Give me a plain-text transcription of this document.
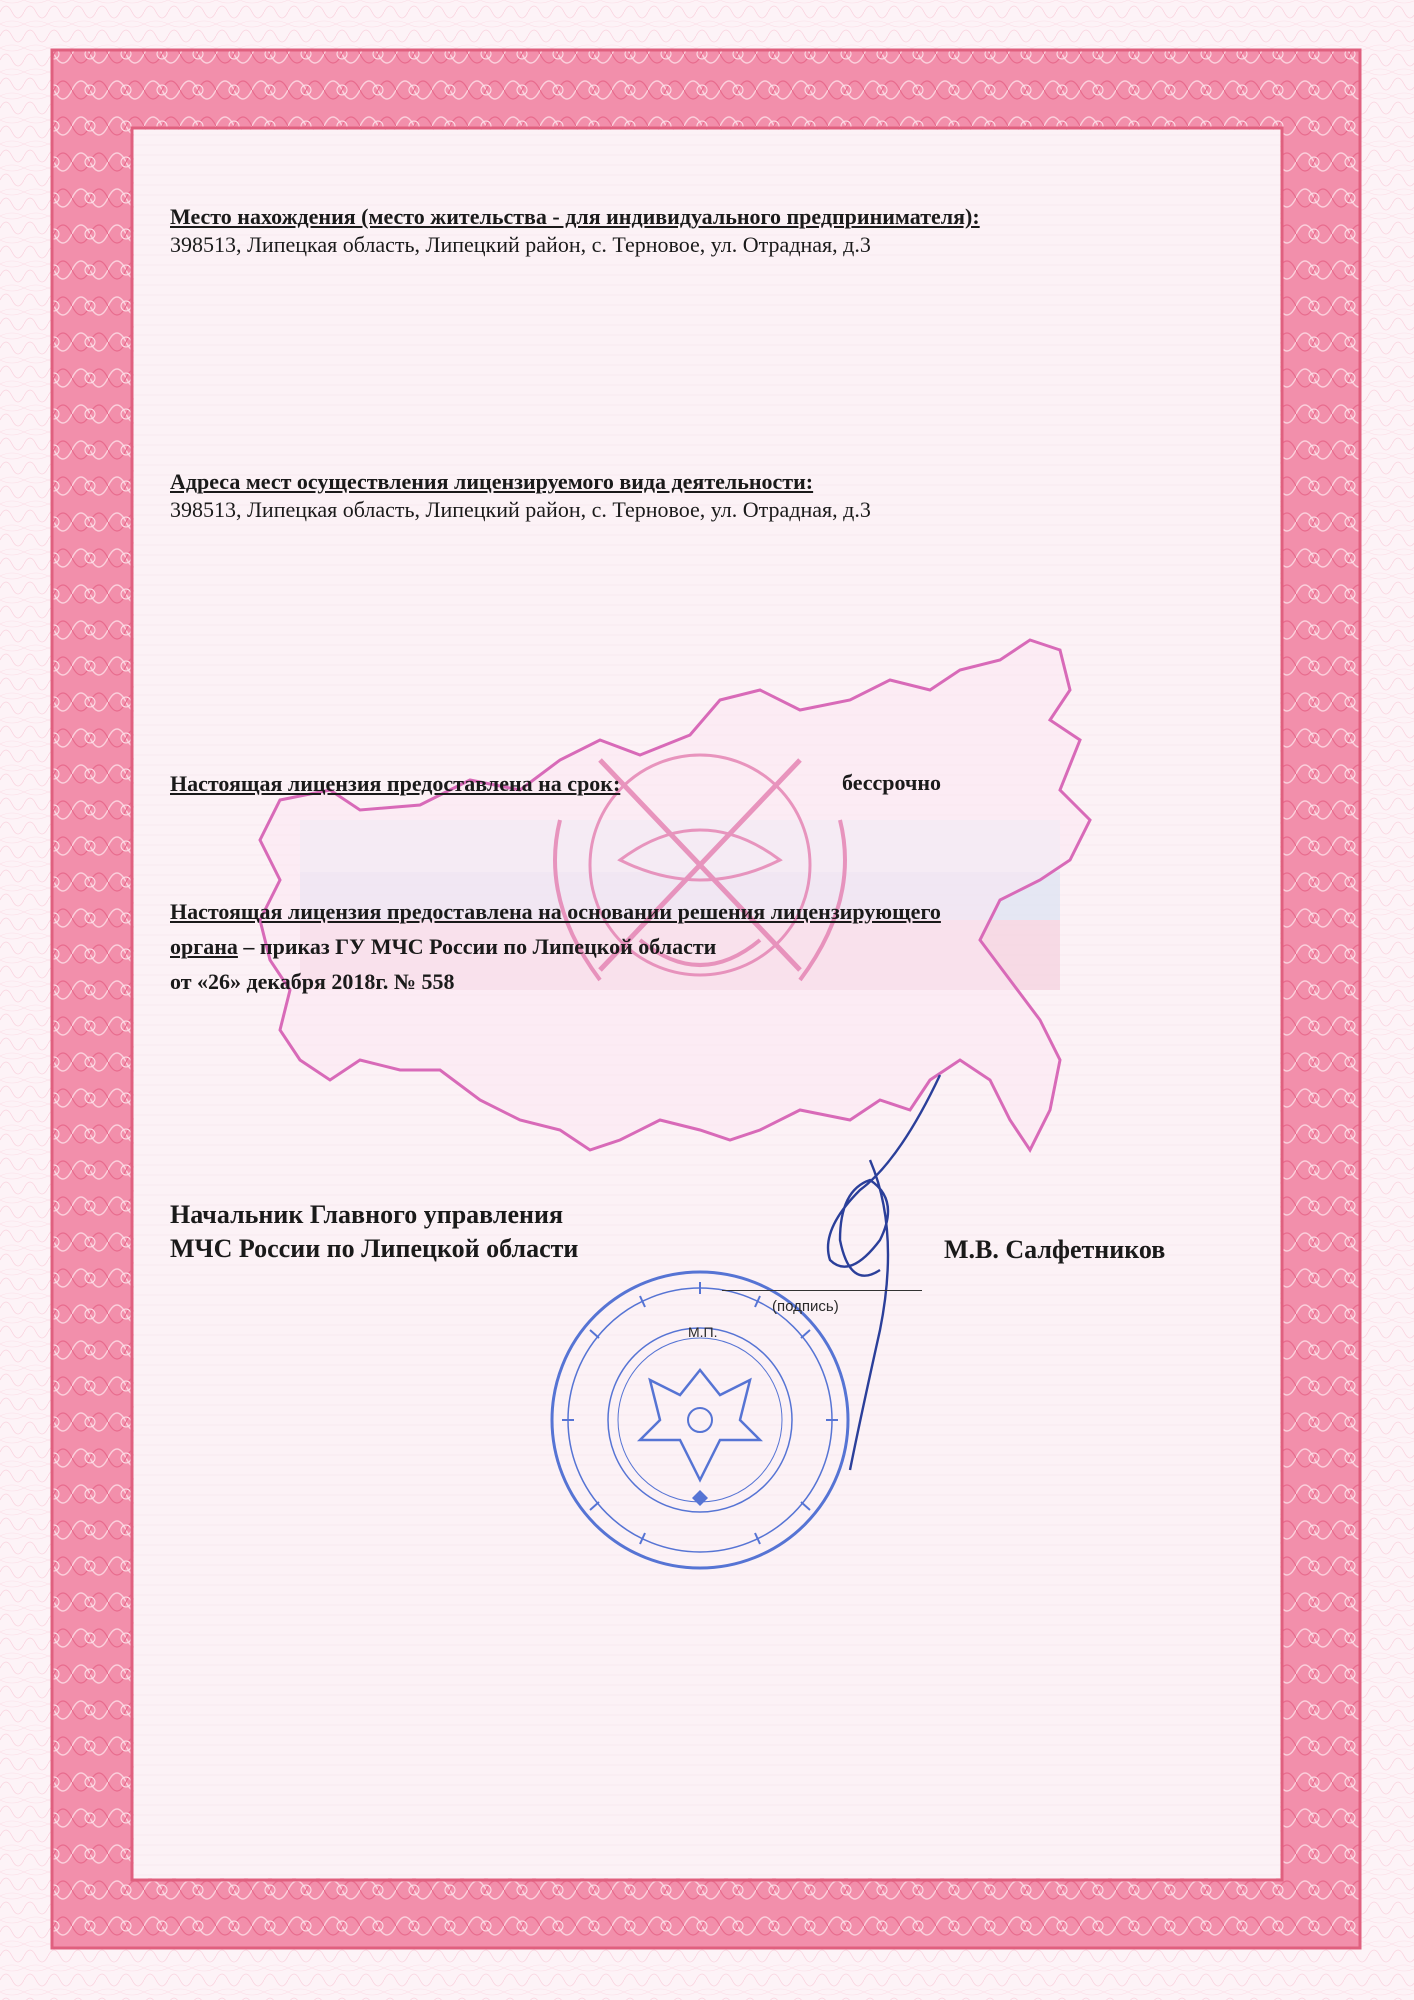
Место нахождения (место жительства - для индивидуального предпринимателя):
398513, Липецкая область, Липецкий район, с. Терновое, ул. Отрадная, д.3
Адреса мест осуществления лицензируемого вида деятельности:
398513, Липецкая область, Липецкий район, с. Терновое, ул. Отрадная, д.3
Настоящая лицензия предоставлена на срок:	бессрочно
Настоящая лицензия предоставлена на основании решения лицензирующего
органа – приказ ГУ МЧС России по Липецкой области
от «26» декабря 2018г. № 558
Начальник Главного управления
МЧС России по Липецкой области	М.В. Салфетников
(подпись)
М.П.
